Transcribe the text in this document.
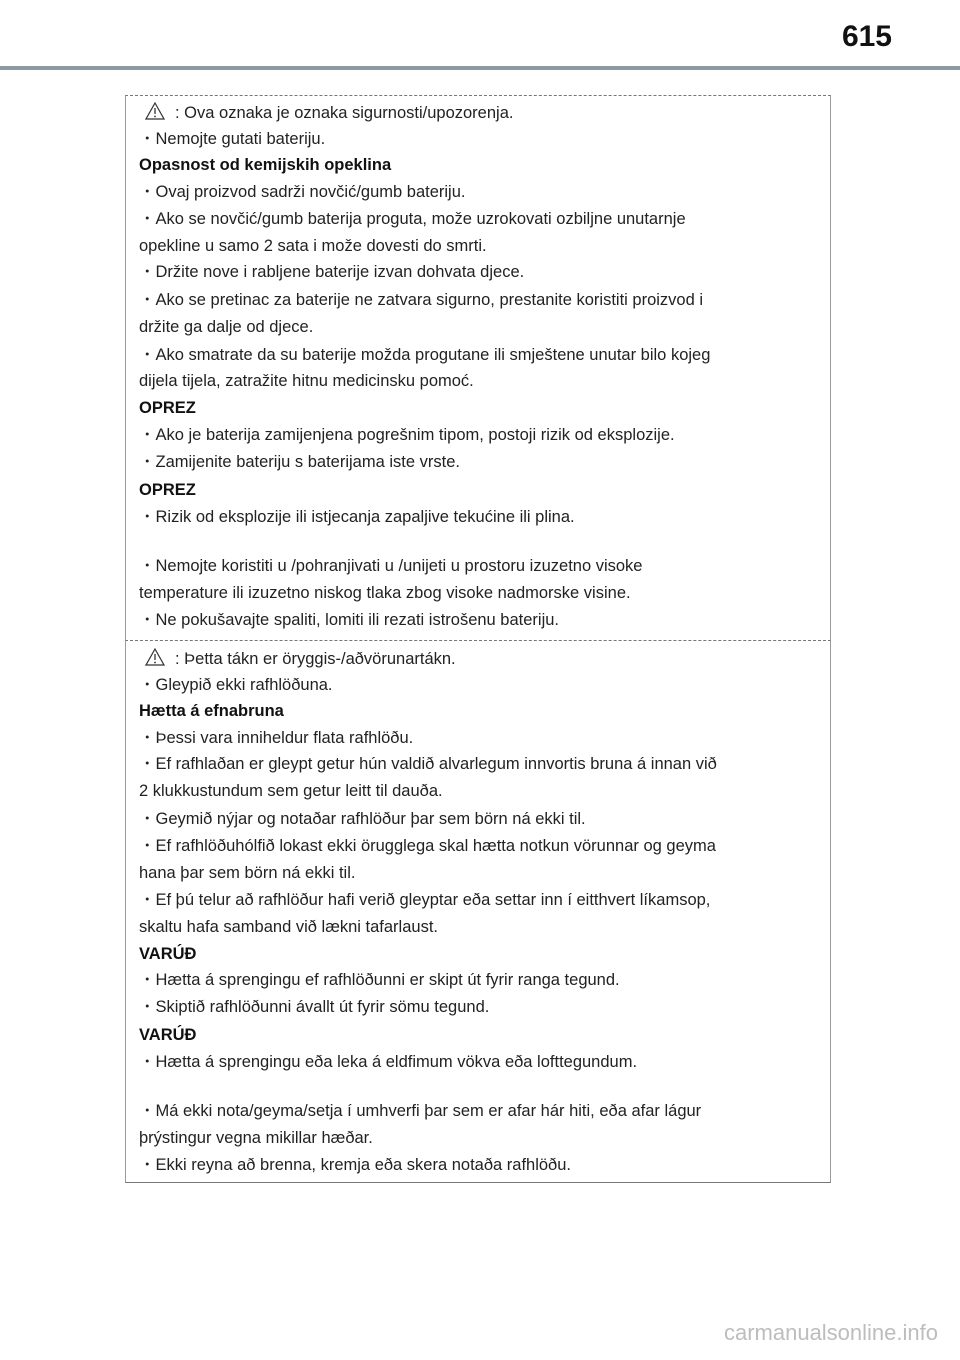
615
: Ova oznaka je oznaka sigurnosti/upozorenja.
・Nemojte gutati bateriju.
Opasnost od kemijskih opeklina
・Ovaj proizvod sadrži novčić/gumb bateriju.
・Ako se novčić/gumb baterija proguta, može uzrokovati ozbiljne unutarnje
opekline u samo 2 sata i može dovesti do smrti.
・Držite nove i rabljene baterije izvan dohvata djece.
・Ako se pretinac za baterije ne zatvara sigurno, prestanite koristiti proizvod i
držite ga dalje od djece.
・Ako smatrate da su baterije možda progutane ili smještene unutar bilo kojeg
dijela tijela, zatražite hitnu medicinsku pomoć.
OPREZ
・Ako je baterija zamijenjena pogrešnim tipom, postoji rizik od eksplozije.
・Zamijenite bateriju s baterijama iste vrste.
OPREZ
・Rizik od eksplozije ili istjecanja zapaljive tekućine ili plina.
・Nemojte koristiti u /pohranjivati u /unijeti u prostoru izuzetno visoke
temperature ili izuzetno niskog tlaka zbog visoke nadmorske visine.
・Ne pokušavajte spaliti, lomiti ili rezati istrošenu bateriju.
: Þetta tákn er öryggis-/aðvörunartákn.
・Gleypið ekki rafhlöðuna.
Hætta á efnabruna
・Þessi vara inniheldur flata rafhlöðu.
・Ef rafhlaðan er gleypt getur hún valdið alvarlegum innvortis bruna á innan við
2 klukkustundum sem getur leitt til dauða.
・Geymið nýjar og notaðar rafhlöður þar sem börn ná ekki til.
・Ef rafhlöðuhólfið lokast ekki örugglega skal hætta notkun vörunnar og geyma
hana þar sem börn ná ekki til.
・Ef þú telur að rafhlöður hafi verið gleyptar eða settar inn í eitthvert líkamsop,
skaltu hafa samband við lækni tafarlaust.
VARÚÐ
・Hætta á sprengingu ef rafhlöðunni er skipt út fyrir ranga tegund.
・Skiptið rafhlöðunni ávallt út fyrir sömu tegund.
VARÚÐ
・Hætta á sprengingu eða leka á eldfimum vökva eða lofttegundum.
・Má ekki nota/geyma/setja í umhverfi þar sem er afar hár hiti, eða afar lágur
þrýstingur vegna mikillar hæðar.
・Ekki reyna að brenna, kremja eða skera notaða rafhlöðu.
carmanualsonline.info
